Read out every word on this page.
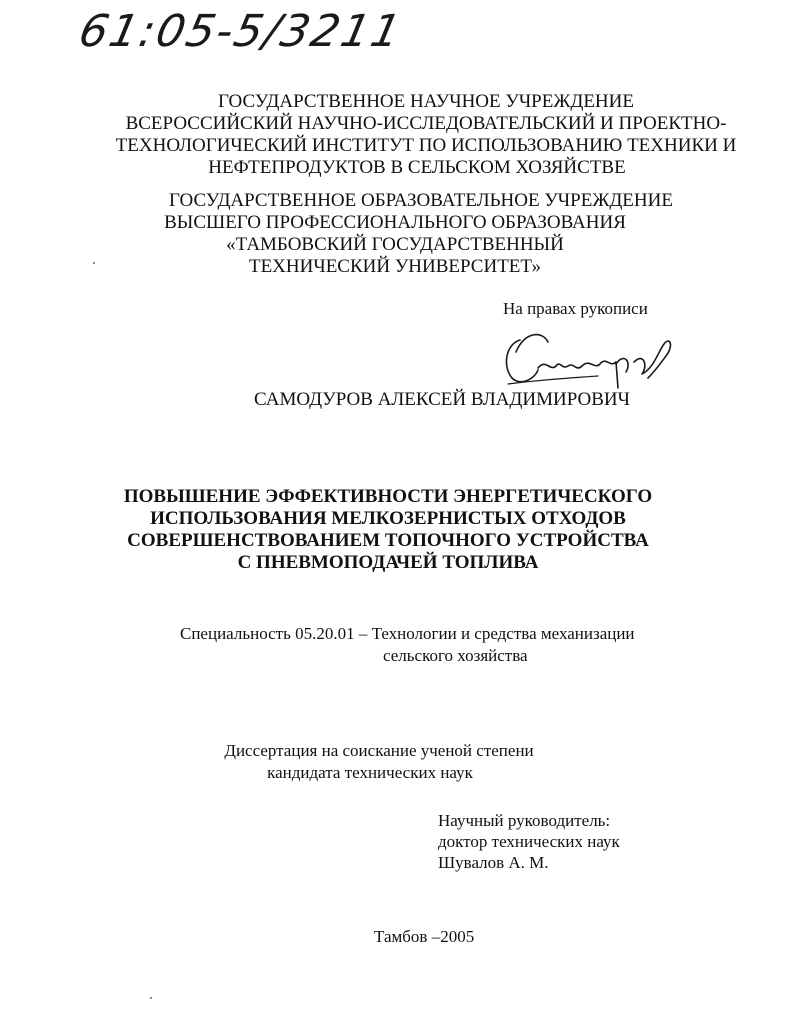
61:05-5/3211
ГОСУДАРСТВЕННОЕ НАУЧНОЕ УЧРЕЖДЕНИЕ
ВСЕРОССИЙСКИЙ НАУЧНО-ИССЛЕДОВАТЕЛЬСКИЙ И ПРОЕКТНО-
ТЕХНОЛОГИЧЕСКИЙ ИНСТИТУТ ПО ИСПОЛЬЗОВАНИЮ ТЕХНИКИ И
НЕФТЕПРОДУКТОВ В СЕЛЬСКОМ ХОЗЯЙСТВЕ
ГОСУДАРСТВЕННОЕ ОБРАЗОВАТЕЛЬНОЕ УЧРЕЖДЕНИЕ
ВЫСШЕГО ПРОФЕССИОНАЛЬНОГО ОБРАЗОВАНИЯ
«ТАМБОВСКИЙ ГОСУДАРСТВЕННЫЙ
ТЕХНИЧЕСКИЙ УНИВЕРСИТЕТ»
На правах рукописи
САМОДУРОВ АЛЕКСЕЙ ВЛАДИМИРОВИЧ
ПОВЫШЕНИЕ ЭФФЕКТИВНОСТИ ЭНЕРГЕТИЧЕСКОГО
ИСПОЛЬЗОВАНИЯ МЕЛКОЗЕРНИСТЫХ ОТХОДОВ
СОВЕРШЕНСТВОВАНИЕМ ТОПОЧНОГО УСТРОЙСТВА
С ПНЕВМОПОДАЧЕЙ ТОПЛИВА
Специальность 05.20.01 – Технологии и средства механизации
сельского хозяйства
Диссертация на соискание ученой степени
кандидата технических наук
Научный руководитель:
доктор технических наук
Шувалов А. М.
Тамбов –2005
